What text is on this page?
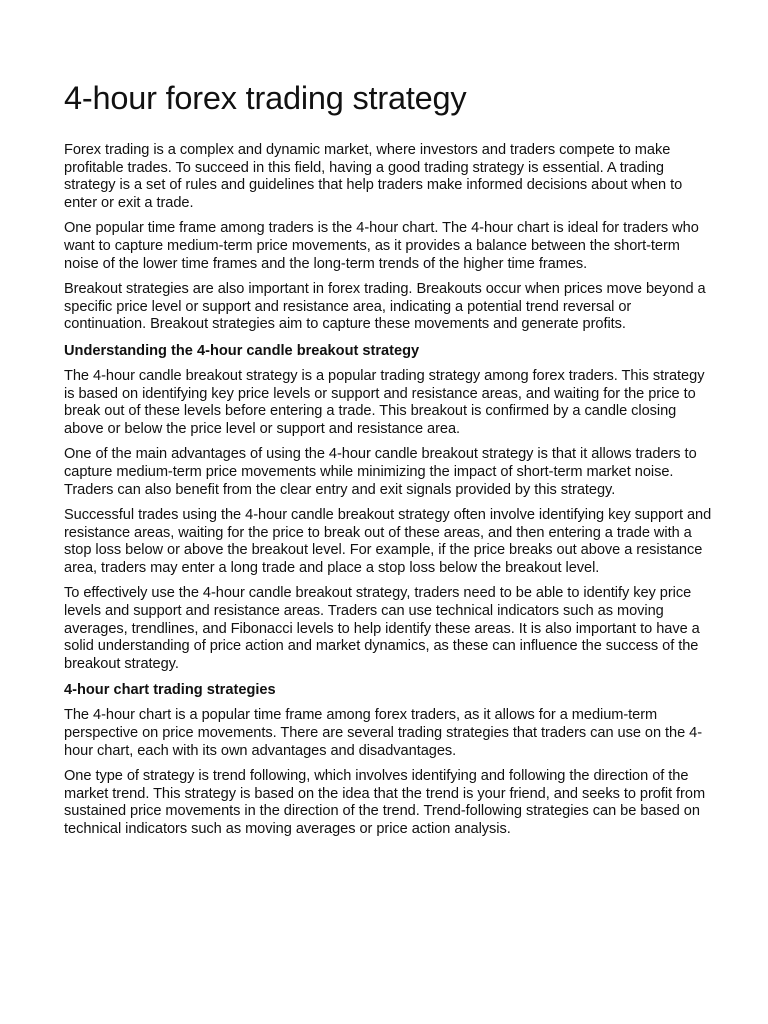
4-hour forex trading strategy

Forex trading is a complex and dynamic market, where investors and traders compete to make profitable trades. To succeed in this field, having a good trading strategy is essential. A trading strategy is a set of rules and guidelines that help traders make informed decisions about when to enter or exit a trade.

One popular time frame among traders is the 4-hour chart. The 4-hour chart is ideal for traders who want to capture medium-term price movements, as it provides a balance between the short-term noise of the lower time frames and the long-term trends of the higher time frames.

Breakout strategies are also important in forex trading. Breakouts occur when prices move beyond a specific price level or support and resistance area, indicating a potential trend reversal or continuation. Breakout strategies aim to capture these movements and generate profits.

Understanding the 4-hour candle breakout strategy

The 4-hour candle breakout strategy is a popular trading strategy among forex traders. This strategy is based on identifying key price levels or support and resistance areas, and waiting for the price to break out of these levels before entering a trade. This breakout is confirmed by a candle closing above or below the price level or support and resistance area.

One of the main advantages of using the 4-hour candle breakout strategy is that it allows traders to capture medium-term price movements while minimizing the impact of short-term market noise. Traders can also benefit from the clear entry and exit signals provided by this strategy.

Successful trades using the 4-hour candle breakout strategy often involve identifying key support and resistance areas, waiting for the price to break out of these areas, and then entering a trade with a stop loss below or above the breakout level. For example, if the price breaks out above a resistance area, traders may enter a long trade and place a stop loss below the breakout level.

To effectively use the 4-hour candle breakout strategy, traders need to be able to identify key price levels and support and resistance areas. Traders can use technical indicators such as moving averages, trendlines, and Fibonacci levels to help identify these areas. It is also important to have a solid understanding of price action and market dynamics, as these can influence the success of the breakout strategy.

4-hour chart trading strategies

The 4-hour chart is a popular time frame among forex traders, as it allows for a medium-term perspective on price movements. There are several trading strategies that traders can use on the 4-hour chart, each with its own advantages and disadvantages.

One type of strategy is trend following, which involves identifying and following the direction of the market trend. This strategy is based on the idea that the trend is your friend, and seeks to profit from sustained price movements in the direction of the trend. Trend-following strategies can be based on technical indicators such as moving averages or price action analysis.
